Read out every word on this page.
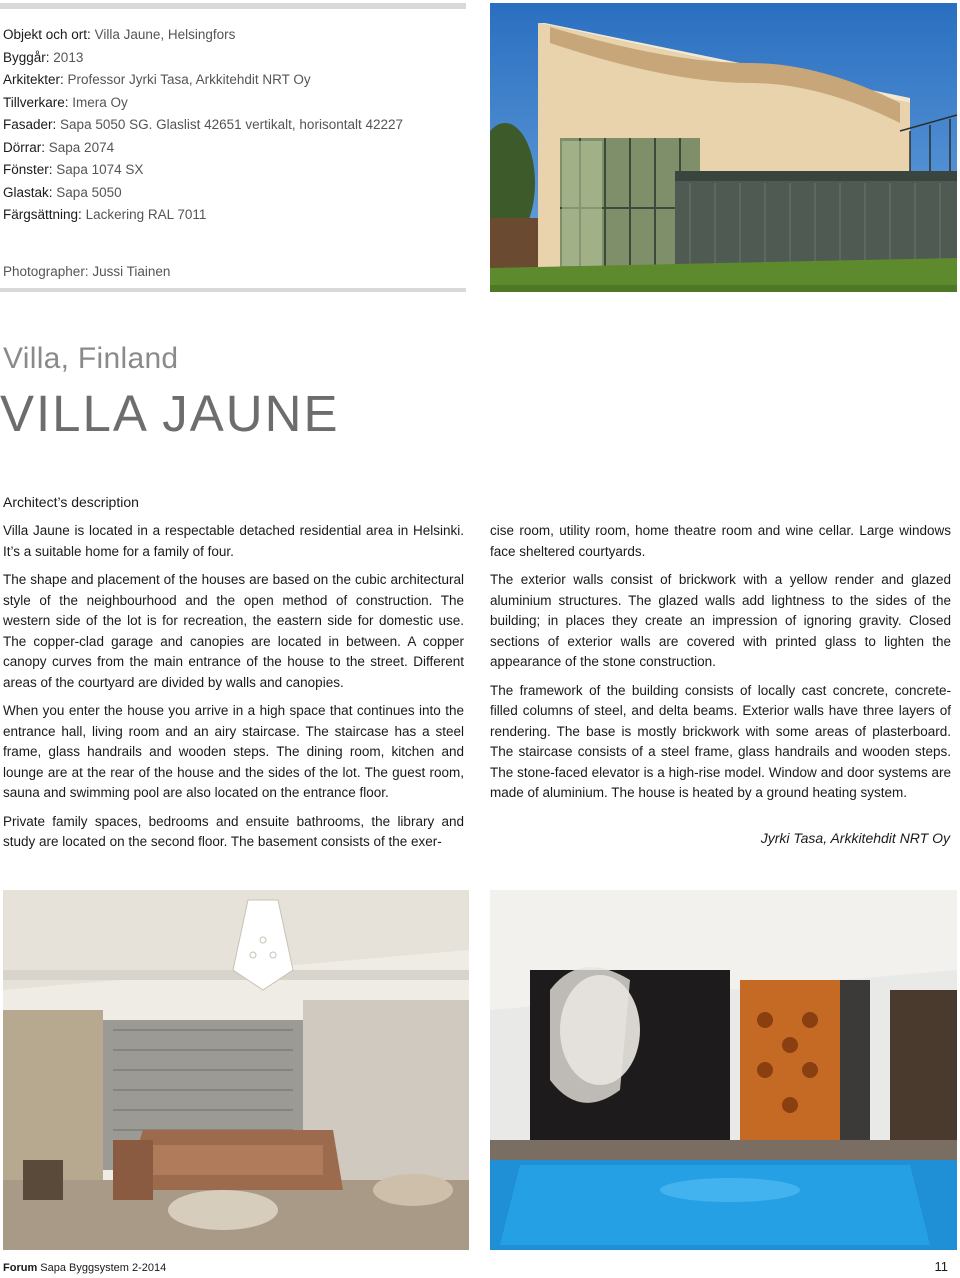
Objekt och ort: Villa Jaune, Helsingfors
Byggår: 2013
Arkitekter: Professor Jyrki Tasa, Arkkitehdit NRT Oy
Tillverkare: Imera Oy
Fasader: Sapa 5050 SG. Glaslist 42651 vertikalt, horisontalt 42227
Dörrar: Sapa 2074
Fönster: Sapa 1074 SX
Glastak: Sapa 5050
Färgsättning: Lackering RAL 7011
Photographer: Jussi Tiainen
Villa, Finland
VILLA JAUNE
Architect’s description

Villa Jaune is located in a respectable detached residential area in Helsinki. It’s a suitable home for a family of four.

The shape and placement of the houses are based on the cubic architectural style of the neighbourhood and the open method of construction. The western side of the lot is for recreation, the eastern side for domestic use. The copper-clad garage and canopies are located in between. A copper canopy curves from the main entrance of the house to the street. Different areas of the courtyard are divided by walls and canopies.

When you enter the house you arrive in a high space that continues into the entrance hall, living room and an airy staircase. The staircase has a steel frame, glass handrails and wooden steps. The dining room, kitchen and lounge are at the rear of the house and the sides of the lot. The guest room, sauna and swimming pool are also located on the entrance floor.

Private family spaces, bedrooms and ensuite bathrooms, the library and study are located on the second floor. The basement consists of the exer-

cise room, utility room, home theatre room and wine cellar. Large windows face sheltered courtyards.

The exterior walls consist of brickwork with a yellow render and glazed aluminium structures. The glazed walls add lightness to the sides of the building; in places they create an impression of ignoring gravity. Closed sections of exterior walls are covered with printed glass to lighten the appearance of the stone construction.

The framework of the building consists of locally cast concrete, concrete-filled columns of steel, and delta beams. Exterior walls have three layers of rendering. The base is mostly brickwork with some areas of plasterboard. The staircase consists of a steel frame, glass handrails and wooden steps. The stone-faced elevator is a high-rise model. Window and door systems are made of aluminium. The house is heated by a ground heating system.

Jyrki Tasa, Arkkitehdit NRT Oy
Forum Sapa Byggsystem 2-2014	11
